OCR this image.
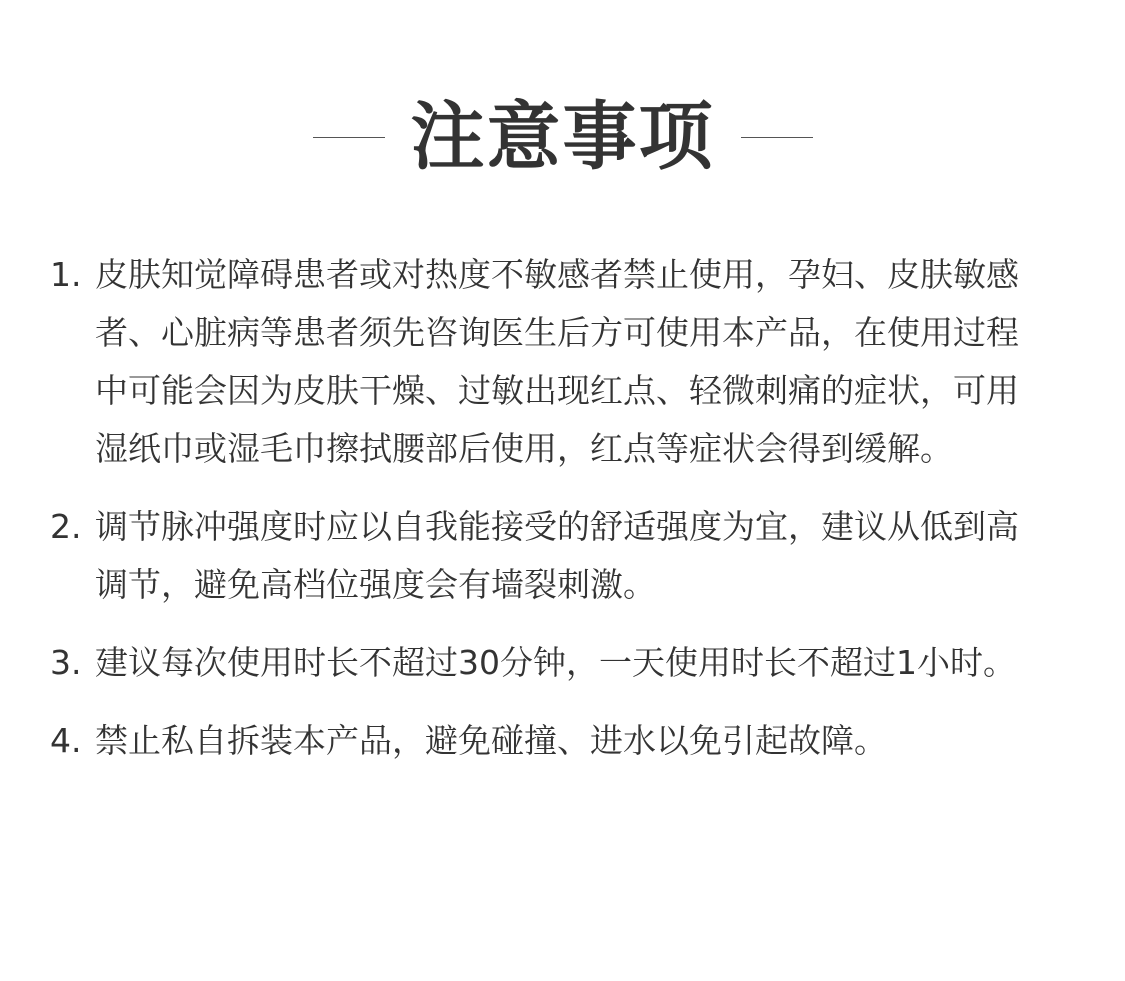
注意事项
1. 皮肤知觉障碍患者或对热度不敏感者禁止使用，孕妇、皮肤敏感者、心脏病等患者须先咨询医生后方可使用本产品，在使用过程中可能会因为皮肤干燥、过敏出现红点、轻微刺痛的症状，可用湿纸巾或湿毛巾擦拭腰部后使用，红点等症状会得到缓解。
2. 调节脉冲强度时应以自我能接受的舒适强度为宜，建议从低到高调节，避免高档位强度会有墙裂刺激。
3. 建议每次使用时长不超过30分钟，一天使用时长不超过1小时。
4. 禁止私自拆装本产品，避免碰撞、进水以免引起故障。
